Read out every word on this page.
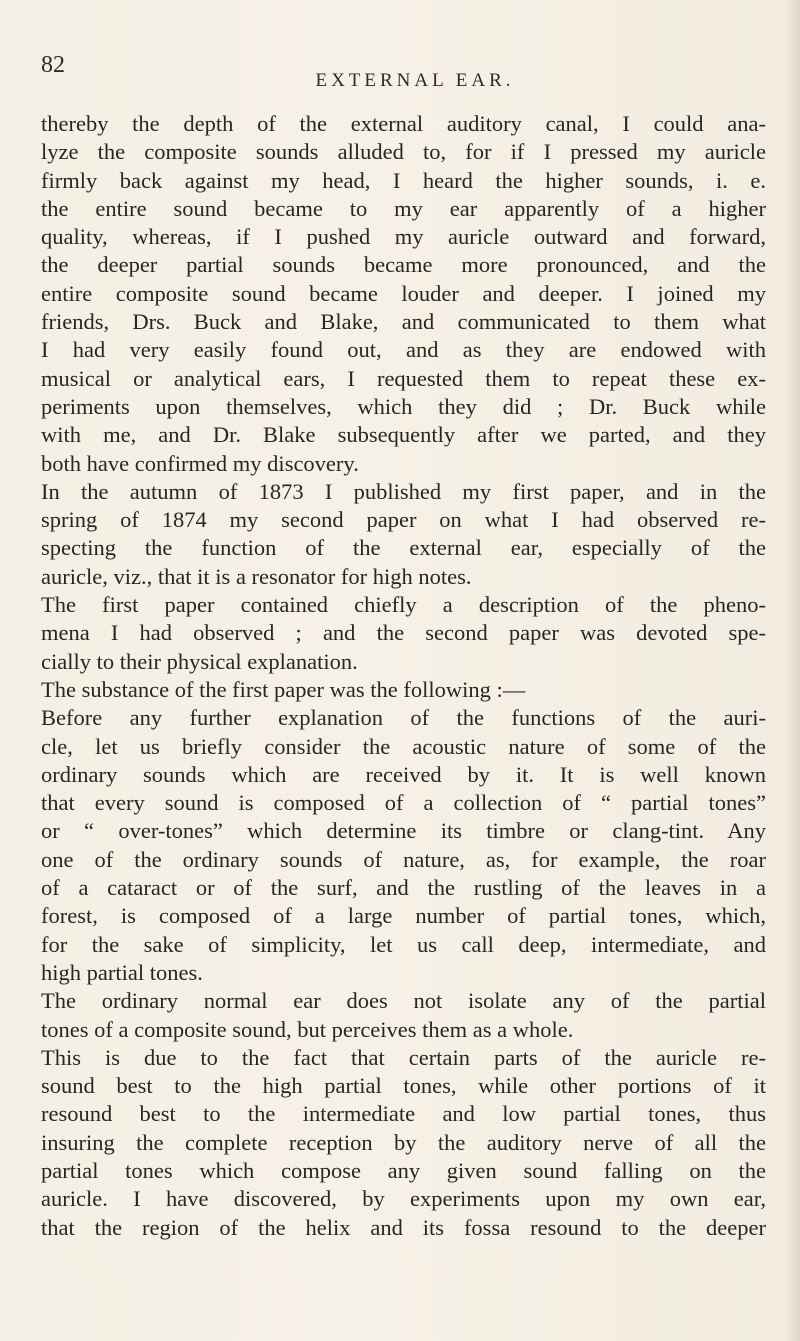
82
EXTERNAL EAR.
thereby the depth of the external auditory canal, I could ana-
lyze the composite sounds alluded to, for if I pressed my auricle
firmly back against my head, I heard the higher sounds, i. e.
the entire sound became to my ear apparently of a higher
quality, whereas, if I pushed my auricle outward and forward,
the deeper partial sounds became more pronounced, and the
entire composite sound became louder and deeper. I joined my
friends, Drs. Buck and Blake, and communicated to them what
I had very easily found out, and as they are endowed with
musical or analytical ears, I requested them to repeat these ex-
periments upon themselves, which they did ; Dr. Buck while
with me, and Dr. Blake subsequently after we parted, and they
both have confirmed my discovery.
In the autumn of 1873 I published my first paper, and in the
spring of 1874 my second paper on what I had observed re-
specting the function of the external ear, especially of the
auricle, viz., that it is a resonator for high notes.
The first paper contained chiefly a description of the pheno-
mena I had observed ; and the second paper was devoted spe-
cially to their physical explanation.
The substance of the first paper was the following :—
Before any further explanation of the functions of the auri-
cle, let us briefly consider the acoustic nature of some of the
ordinary sounds which are received by it. It is well known
that every sound is composed of a collection of “ partial tones”
or “ over-tones” which determine its timbre or clang-tint. Any
one of the ordinary sounds of nature, as, for example, the roar
of a cataract or of the surf, and the rustling of the leaves in a
forest, is composed of a large number of partial tones, which,
for the sake of simplicity, let us call deep, intermediate, and
high partial tones.
The ordinary normal ear does not isolate any of the partial
tones of a composite sound, but perceives them as a whole.
This is due to the fact that certain parts of the auricle re-
sound best to the high partial tones, while other portions of it
resound best to the intermediate and low partial tones, thus
insuring the complete reception by the auditory nerve of all the
partial tones which compose any given sound falling on the
auricle. I have discovered, by experiments upon my own ear,
that the region of the helix and its fossa resound to the deeper
